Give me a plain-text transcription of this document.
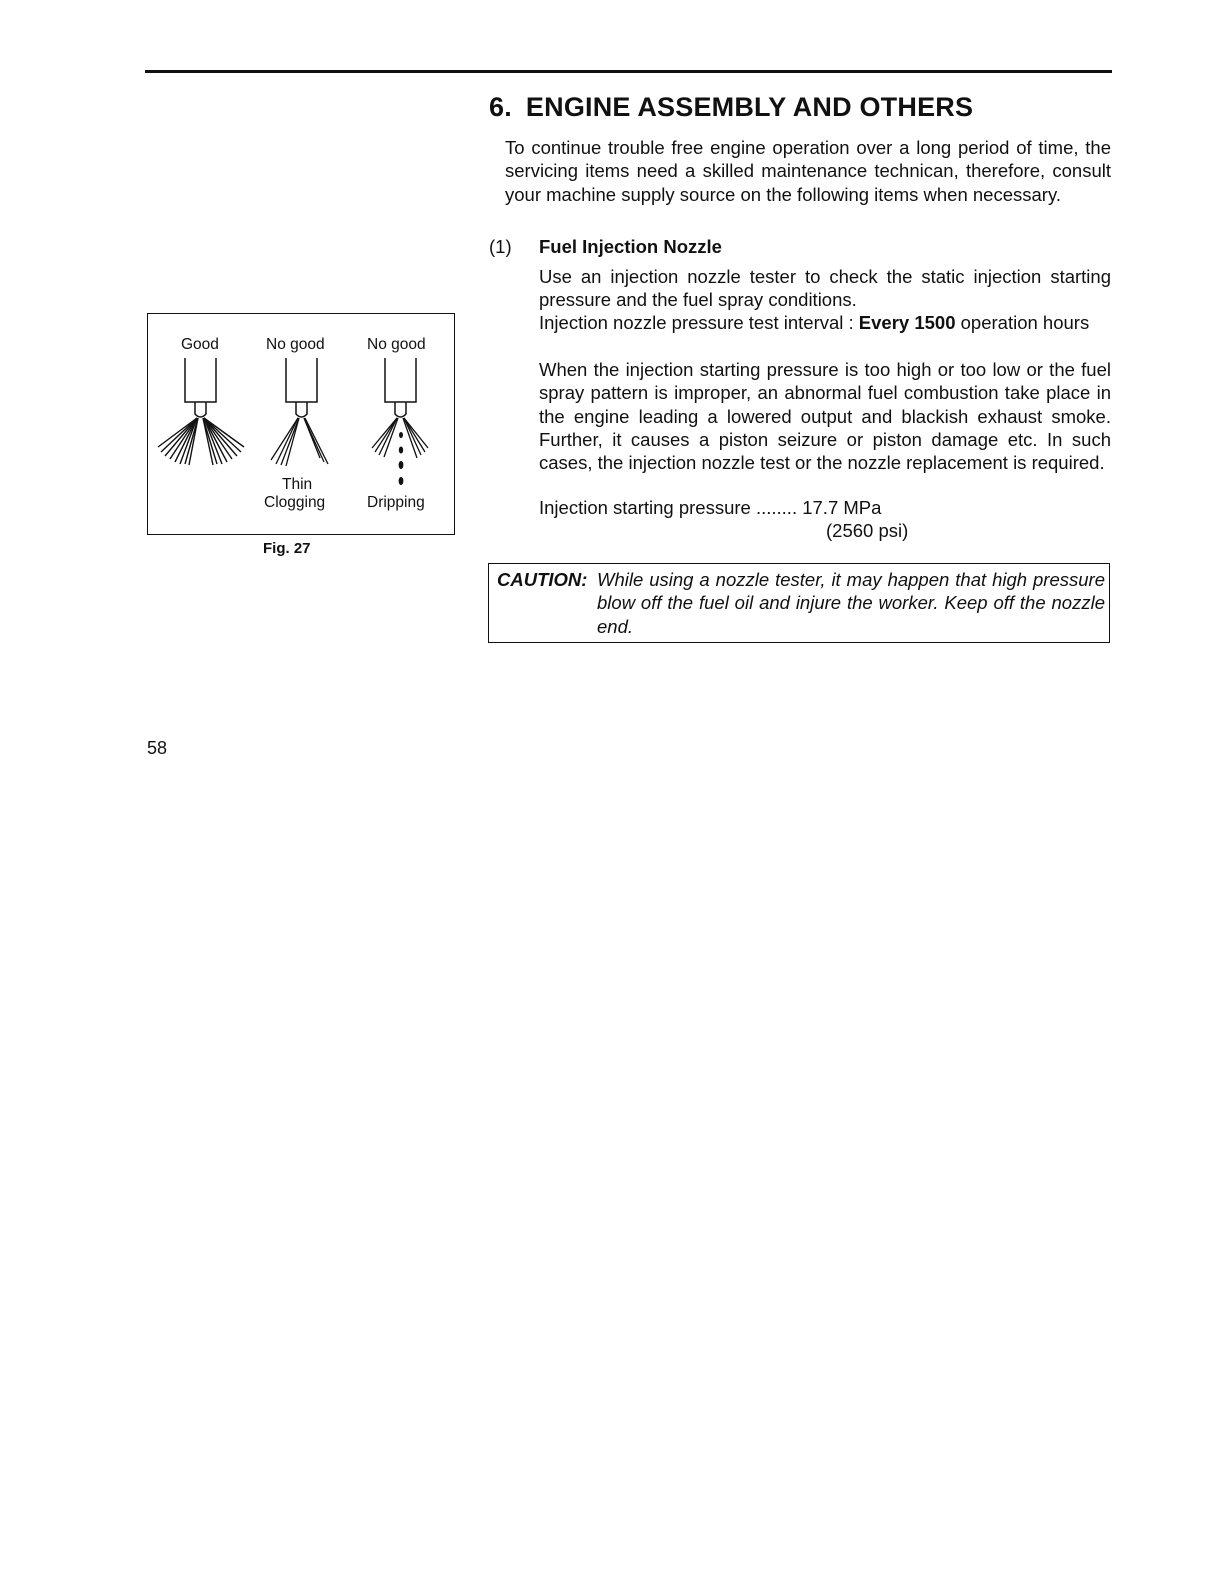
6. ENGINE ASSEMBLY AND OTHERS

To continue trouble free engine operation over a long period of time, the servicing items need a skilled maintenance technican, therefore, consult your machine supply source on the following items when necessary.

(1) Fuel Injection Nozzle

Use an injection nozzle tester to check the static injection starting pressure and the fuel spray conditions.

Injection nozzle pressure test interval : Every 1500 operation hours

When the injection starting pressure is too high or too low or the fuel spray pattern is improper, an abnormal fuel combustion take place in the engine leading a lowered output and blackish exhaust smoke. Further, it causes a piston seizure or piston damage etc. In such cases, the injection nozzle test or the nozzle replacement is required.

Injection starting pressure ........ 17.7 MPa
(2560 psi)
CAUTION: While using a nozzle tester, it may happen that high pressure blow off the fuel oil and injure the worker. Keep off the nozzle end.

Good	No good	No good
Thin
Clogging	Dripping
Fig. 27
58
